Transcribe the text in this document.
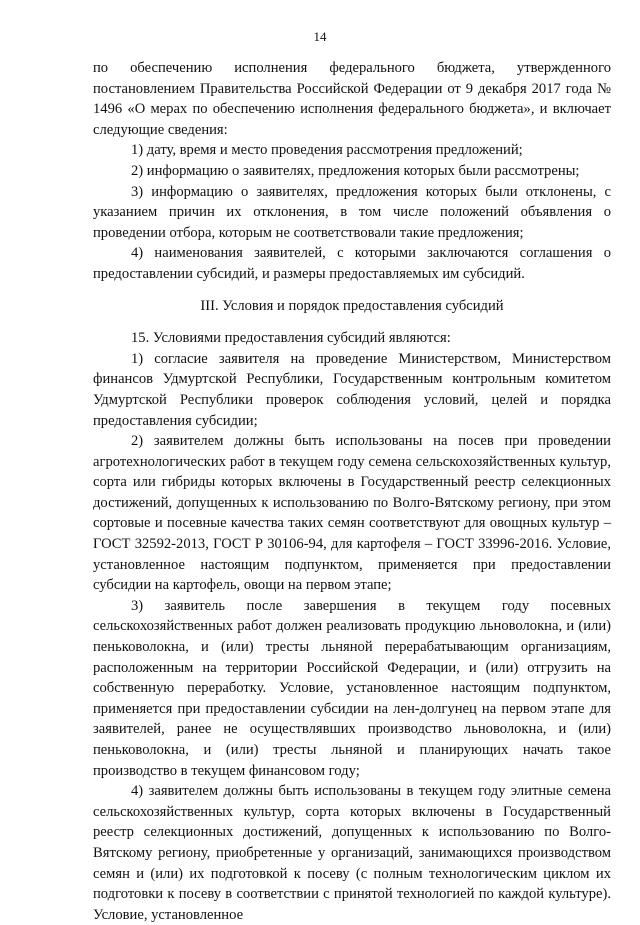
14

по обеспечению исполнения федерального бюджета, утвержденного постановлением Правительства Российской Федерации от 9 декабря 2017 года № 1496 «О мерах по обеспечению исполнения федерального бюджета», и включает следующие сведения:

1) дату, время и место проведения рассмотрения предложений;

2) информацию о заявителях, предложения которых были рассмотрены;

3) информацию о заявителях, предложения которых были отклонены, с указанием причин их отклонения, в том числе положений объявления о проведении отбора, которым не соответствовали такие предложения;

4) наименования заявителей, с которыми заключаются соглашения о предоставлении субсидий, и размеры предоставляемых им субсидий.

III. Условия и порядок предоставления субсидий

15. Условиями предоставления субсидий являются:

1) согласие заявителя на проведение Министерством, Министерством финансов Удмуртской Республики, Государственным контрольным комитетом Удмуртской Республики проверок соблюдения условий, целей и порядка предоставления субсидии;

2) заявителем должны быть использованы на посев при проведении агротехнологических работ в текущем году семена сельскохозяйственных культур, сорта или гибриды которых включены в Государственный реестр селекционных достижений, допущенных к использованию по Волго-Вятскому региону, при этом сортовые и посевные качества таких семян соответствуют для овощных культур – ГОСТ 32592-2013, ГОСТ Р 30106-94, для картофеля – ГОСТ 33996-2016. Условие, установленное настоящим подпунктом, применяется при предоставлении субсидии на картофель, овощи на первом этапе;

3) заявитель после завершения в текущем году посевных сельскохозяйственных работ должен реализовать продукцию льноволокна, и (или) пеньковолокна, и (или) тресты льняной перерабатывающим организациям, расположенным на территории Российской Федерации, и (или) отгрузить на собственную переработку. Условие, установленное настоящим подпунктом, применяется при предоставлении субсидии на лен-долгунец на первом этапе для заявителей, ранее не осуществлявших производство льноволокна, и (или) пеньковолокна, и (или) тресты льняной и планирующих начать такое производство в текущем финансовом году;

4) заявителем должны быть использованы в текущем году элитные семена сельскохозяйственных культур, сорта которых включены в Государственный реестр селекционных достижений, допущенных к использованию по Волго-Вятскому региону, приобретенные у организаций, занимающихся производством семян и (или) их подготовкой к посеву (с полным технологическим циклом их подготовки к посеву в соответствии с принятой технологией по каждой культуре). Условие, установленное
